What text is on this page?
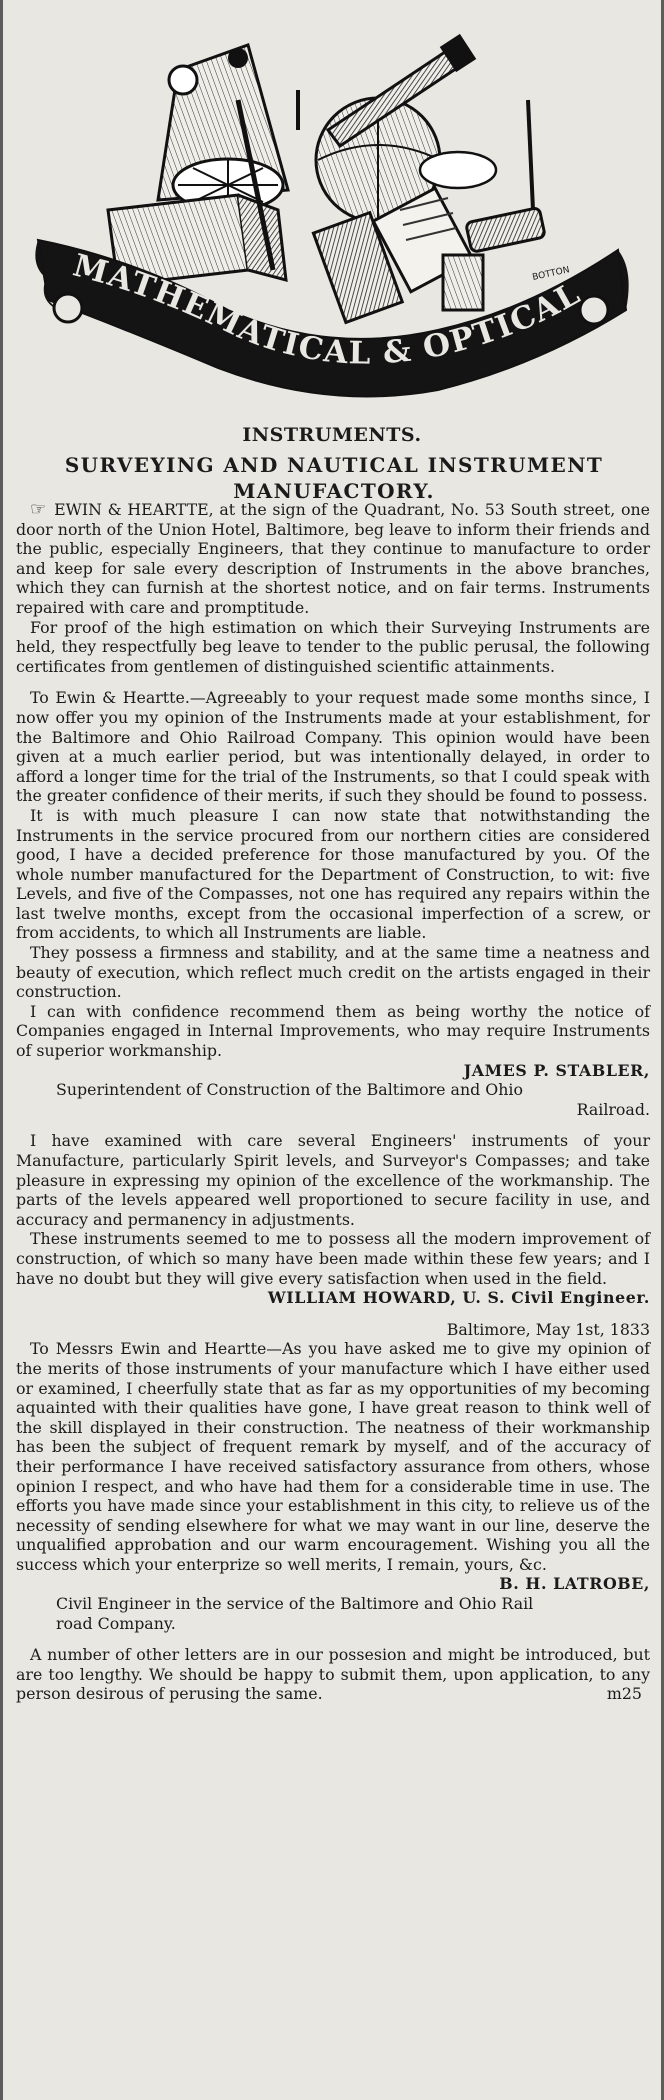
MATHEMATICAL & OPTICAL
BOTTON
INSTRUMENTS.
SURVEYING AND NAUTICAL INSTRUMENT
MANUFACTORY.

☞ EWIN & HEARTTE, at the sign of the Quadrant, No. 53 South street, one door north of the Union Hotel, Baltimore, beg leave to inform their friends and the public, especially Engineers, that they continue to manufacture to order and keep for sale every description of Instruments in the above branches, which they can furnish at the shortest notice, and on fair terms. Instruments repaired with care and promptitude.

For proof of the high estimation on which their Surveying Instruments are held, they respectfully beg leave to tender to the public perusal, the following certificates from gentlemen of distinguished scientific attainments.

To Ewin & Heartte.—Agreeably to your request made some months since, I now offer you my opinion of the Instruments made at your establishment, for the Baltimore and Ohio Railroad Company. This opinion would have been given at a much earlier period, but was intentionally delayed, in order to afford a longer time for the trial of the Instruments, so that I could speak with the greater confidence of their merits, if such they should be found to possess.

It is with much pleasure I can now state that notwithstanding the Instruments in the service procured from our northern cities are considered good, I have a decided preference for those manufactured by you. Of the whole number manufactured for the Department of Construction, to wit: five Levels, and five of the Compasses, not one has required any repairs within the last twelve months, except from the occasional imperfection of a screw, or from accidents, to which all Instruments are liable.

They possess a firmness and stability, and at the same time a neatness and beauty of execution, which reflect much credit on the artists engaged in their construction.

I can with confidence recommend them as being worthy the notice of Companies engaged in Internal Improvements, who may require Instruments of superior workmanship.

JAMES P. STABLER,

Superintendent of Construction of the Baltimore and Ohio

Railroad.

I have examined with care several Engineers' instruments of your Manufacture, particularly Spirit levels, and Surveyor's Compasses; and take pleasure in expressing my opinion of the excellence of the workmanship. The parts of the levels appeared well proportioned to secure facility in use, and accuracy and permanency in adjustments.

These instruments seemed to me to possess all the modern improvement of construction, of which so many have been made within these few years; and I have no doubt but they will give every satisfaction when used in the field.

WILLIAM HOWARD, U. S. Civil Engineer.

Baltimore, May 1st, 1833

To Messrs Ewin and Heartte—As you have asked me to give my opinion of the merits of those instruments of your manufacture which I have either used or examined, I cheerfully state that as far as my opportunities of my becoming aquainted with their qualities have gone, I have great reason to think well of the skill displayed in their construction. The neatness of their workmanship has been the subject of frequent remark by myself, and of the accuracy of their performance I have received satisfactory assurance from others, whose opinion I respect, and who have had them for a considerable time in use. The efforts you have made since your establishment in this city, to relieve us of the necessity of sending elsewhere for what we may want in our line, deserve the unqualified approbation and our warm encouragement. Wishing you all the success which your enterprize so well merits, I remain, yours, &c.

B. H. LATROBE,

Civil Engineer in the service of the Baltimore and Ohio Rail

road Company.

A number of other letters are in our possesion and might be introduced, but are too lengthy. We should be happy to submit them, upon application, to any person desirous of perusing the same.	m25
